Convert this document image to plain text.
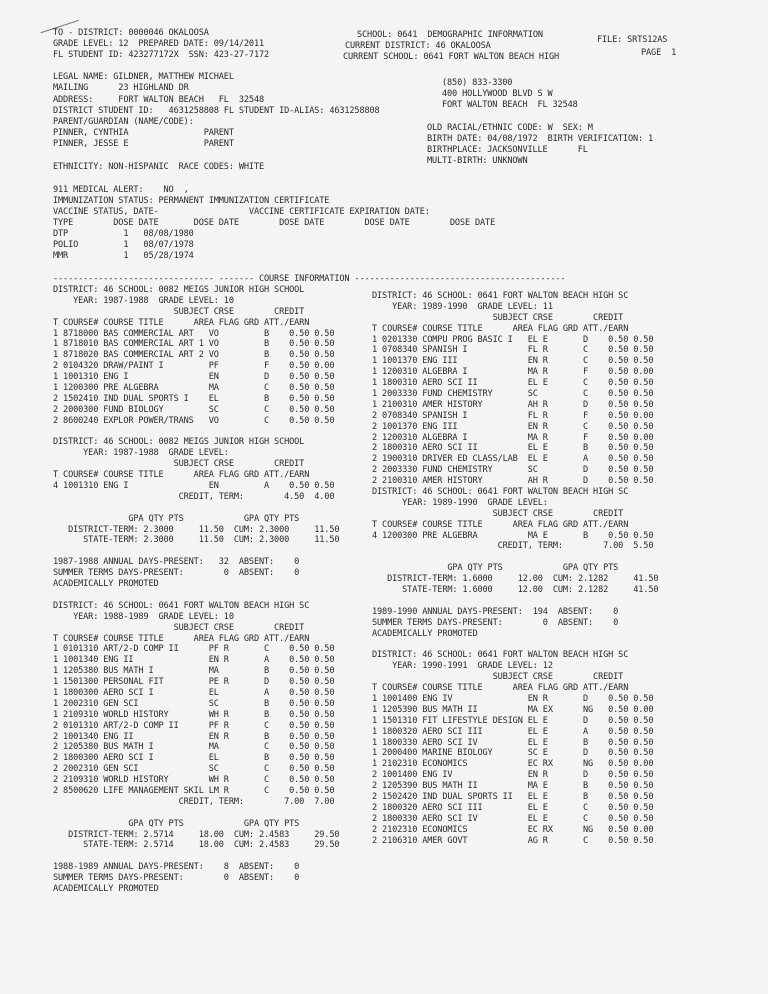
TO - DISTRICT: 0000046 OKALOOSA
GRADE LEVEL: 12  PREPARED DATE: 09/14/2011
FL STUDENT ID: 423277172X  SSN: 423-27-7172
SCHOOL: 0641  DEMOGRAPHIC INFORMATION
CURRENT DISTRICT: 46 OKALOOSA
CURRENT SCHOOL: 0641 FORT WALTON BEACH HIGH
FILE: SRTS12AS
PAGE  1
LEGAL NAME: GILDNER, MATTHEW MICHAEL
MAILING      23 HIGHLAND DR
ADDRESS:     FORT WALTON BEACH   FL  32548
DISTRICT STUDENT ID:   4631258808 FL STUDENT ID-ALIAS: 4631258808
PARENT/GUARDIAN (NAME/CODE):
PINNER, CYNTHIA               PARENT
PINNER, JESSE E               PARENT
ETHNICITY: NON-HISPANIC  RACE CODES: WHITE
(850) 833-3300
400 HOLLYWOOD BLVD S W
FORT WALTON BEACH  FL 32548
OLD RACIAL/ETHNIC CODE: W  SEX: M
BIRTH DATE: 04/08/1972  BIRTH VERIFICATION: 1
BIRTHPLACE: JACKSONVILLE      FL
MULTI-BIRTH: UNKNOWN
911 MEDICAL ALERT:    NO  ,
IMMUNIZATION STATUS: PERMANENT IMMUNIZATION CERTIFICATE
VACCINE STATUS, DATE-                  VACCINE CERTIFICATE EXPIRATION DATE:
TYPE        DOSE DATE       DOSE DATE        DOSE DATE        DOSE DATE        DOSE DATE
DTP           1   08/08/1980
POLIO         1   08/07/1978
MMR           1   05/28/1974
-------------------------------- ------- COURSE INFORMATION ------------------------------------------
DISTRICT: 46 SCHOOL: 0082 MEIGS JUNIOR HIGH SCHOOL
YEAR: 1987-1988  GRADE LEVEL: 10
SUBJECT CRSE        CREDIT
T COURSE# COURSE TITLE      AREA FLAG GRD ATT./EARN
1 8718000 BAS COMMERCIAL ART   VO         B    0.50 0.50
1 8718010 BAS COMMERCIAL ART 1 VO         B    0.50 0.50
1 8718020 BAS COMMERCIAL ART 2 VO         B    0.50 0.50
2 0104320 DRAW/PAINT I         PF         F    0.50 0.00
1 1001310 ENG I                EN         D    0.50 0.50
1 1200300 PRE ALGEBRA          MA         C    0.50 0.50
2 1502410 IND DUAL SPORTS I    EL         B    0.50 0.50
2 2000300 FUND BIOLOGY         SC         C    0.50 0.50
2 8600240 EXPLOR POWER/TRANS   VO         C    0.50 0.50
DISTRICT: 46 SCHOOL: 0082 MEIGS JUNIOR HIGH SCHOOL
YEAR: 1987-1988  GRADE LEVEL:
SUBJECT CRSE        CREDIT
T COURSE# COURSE TITLE      AREA FLAG GRD ATT./EARN
4 1001310 ENG I                EN         A    0.50 0.50
CREDIT, TERM:        4.50  4.00
GPA QTY PTS            GPA QTY PTS
DISTRICT-TERM: 2.3000     11.50  CUM: 2.3000     11.50
STATE-TERM: 2.3000     11.50  CUM: 2.3000     11.50
1987-1988 ANNUAL DAYS-PRESENT:   32  ABSENT:    0
SUMMER TERMS DAYS-PRESENT:        0  ABSENT:    0
ACADEMICALLY PROMOTED
DISTRICT: 46 SCHOOL: 0641 FORT WALTON BEACH HIGH SC
YEAR: 1988-1989  GRADE LEVEL: 10
SUBJECT CRSE        CREDIT
T COURSE# COURSE TITLE      AREA FLAG GRD ATT./EARN
1 0101310 ART/2-D COMP II      PF R       C    0.50 0.50
1 1001340 ENG II               EN R       A    0.50 0.50
1 1205380 BUS MATH I           MA         B    0.50 0.50
1 1501300 PERSONAL FIT         PE R       D    0.50 0.50
1 1800300 AERO SCI I           EL         A    0.50 0.50
1 2002310 GEN SCI              SC         B    0.50 0.50
1 2109310 WORLD HISTORY        WH R       B    0.50 0.50
2 0101310 ART/2-D COMP II      PF R       C    0.50 0.50
2 1001340 ENG II               EN R       B    0.50 0.50
2 1205380 BUS MATH I           MA         C    0.50 0.50
2 1800300 AERO SCI I           EL         B    0.50 0.50
2 2002310 GEN SCI              SC         C    0.50 0.50
2 2109310 WORLD HISTORY        WH R       C    0.50 0.50
2 8500620 LIFE MANAGEMENT SKIL LM R       C    0.50 0.50
CREDIT, TERM:        7.00  7.00
GPA QTY PTS            GPA QTY PTS
DISTRICT-TERM: 2.5714     18.00  CUM: 2.4583     29.50
STATE-TERM: 2.5714     18.00  CUM: 2.4583     29.50
1988-1989 ANNUAL DAYS-PRESENT:    8  ABSENT:    0
SUMMER TERMS DAYS-PRESENT:        0  ABSENT:    0
ACADEMICALLY PROMOTED
DISTRICT: 46 SCHOOL: 0641 FORT WALTON BEACH HIGH SC
YEAR: 1989-1990  GRADE LEVEL: 11
SUBJECT CRSE        CREDIT
T COURSE# COURSE TITLE      AREA FLAG GRD ATT./EARN
1 0201330 COMPU PROG BASIC I   EL E       D    0.50 0.50
1 0708340 SPANISH I            FL R       C    0.50 0.50
1 1001370 ENG III              EN R       C    0.50 0.50
1 1200310 ALGEBRA I            MA R       F    0.50 0.00
1 1800310 AERO SCI II          EL E       C    0.50 0.50
1 2003330 FUND CHEMISTRY       SC         C    0.50 0.50
1 2100310 AMER HISTORY         AH R       D    0.50 0.50
2 0708340 SPANISH I            FL R       F    0.50 0.00
2 1001370 ENG III              EN R       C    0.50 0.50
2 1200310 ALGEBRA I            MA R       F    0.50 0.00
2 1800310 AERO SCI II          EL E       B    0.50 0.50
2 1900310 DRIVER ED CLASS/LAB  EL E       A    0.50 0.50
2 2003330 FUND CHEMISTRY       SC         D    0.50 0.50
2 2100310 AMER HISTORY         AH R       D    0.50 0.50
DISTRICT: 46 SCHOOL: 0641 FORT WALTON BEACH HIGH SC
YEAR: 1989-1990  GRADE LEVEL:
SUBJECT CRSE        CREDIT
T COURSE# COURSE TITLE      AREA FLAG GRD ATT./EARN
4 1200300 PRE ALGEBRA          MA E       B    0.50 0.50
CREDIT, TERM:        7.00  5.50
GPA QTY PTS            GPA QTY PTS
DISTRICT-TERM: 1.6000     12.00  CUM: 2.1282     41.50
STATE-TERM: 1.6000     12.00  CUM: 2.1282     41.50
1989-1990 ANNUAL DAYS-PRESENT:  194  ABSENT:    0
SUMMER TERMS DAYS-PRESENT:        0  ABSENT:    0
ACADEMICALLY PROMOTED
DISTRICT: 46 SCHOOL: 0641 FORT WALTON BEACH HIGH SC
YEAR: 1990-1991  GRADE LEVEL: 12
SUBJECT CRSE        CREDIT
T COURSE# COURSE TITLE      AREA FLAG GRD ATT./EARN
1 1001400 ENG IV               EN R       D    0.50 0.50
1 1205390 BUS MATH II          MA EX      NG   0.50 0.00
1 1501310 FIT LIFESTYLE DESIGN EL E       D    0.50 0.50
1 1800320 AERO SCI III         EL E       A    0.50 0.50
1 1800330 AERO SCI IV          EL E       B    0.50 0.50
1 2000400 MARINE BIOLOGY       SC E       D    0.50 0.50
1 2102310 ECONOMICS            EC RX      NG   0.50 0.00
2 1001400 ENG IV               EN R       D    0.50 0.50
2 1205390 BUS MATH II          MA E       B    0.50 0.50
2 1502420 IND DUAL SPORTS II   EL E       B    0.50 0.50
2 1800320 AERO SCI III         EL E       C    0.50 0.50
2 1800330 AERO SCI IV          EL E       C    0.50 0.50
2 2102310 ECONOMICS            EC RX      NG   0.50 0.00
2 2106310 AMER GOVT            AG R       C    0.50 0.50
